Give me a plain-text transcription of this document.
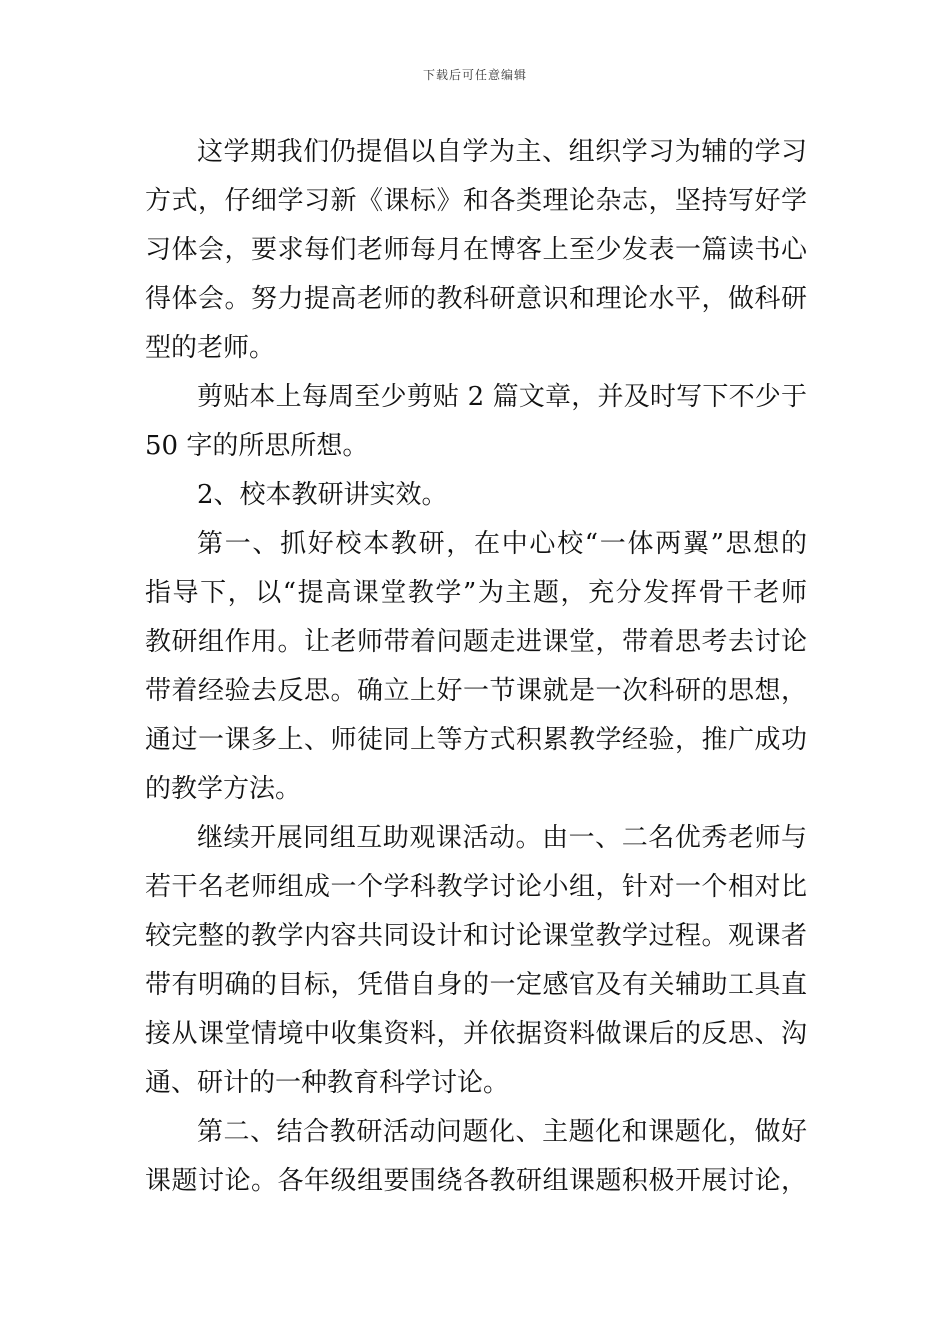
下载后可任意编辑
这学期我们仍提倡以自学为主、组织学习为辅的学习
方式，仔细学习新《课标》和各类理论杂志，坚持写好学
习体会，要求每们老师每月在博客上至少发表一篇读书心
得体会。努力提高老师的教科研意识和理论水平，做科研
型的老师。
剪贴本上每周至少剪贴 2 篇文章，并及时写下不少于
50 字的所思所想。
2、校本教研讲实效。
第一、抓好校本教研，在中心校“一体两翼”思想的
指导下，以“提高课堂教学”为主题，充分发挥骨干老师
教研组作用。让老师带着问题走进课堂，带着思考去讨论
带着经验去反思。确立上好一节课就是一次科研的思想，
通过一课多上、师徒同上等方式积累教学经验，推广成功
的教学方法。
继续开展同组互助观课活动。由一、二名优秀老师与
若干名老师组成一个学科教学讨论小组，针对一个相对比
较完整的教学内容共同设计和讨论课堂教学过程。观课者
带有明确的目标，凭借自身的一定感官及有关辅助工具直
接从课堂情境中收集资料，并依据资料做课后的反思、沟
通、研计的一种教育科学讨论。
第二、结合教研活动问题化、主题化和课题化，做好
课题讨论。各年级组要围绕各教研组课题积极开展讨论，
